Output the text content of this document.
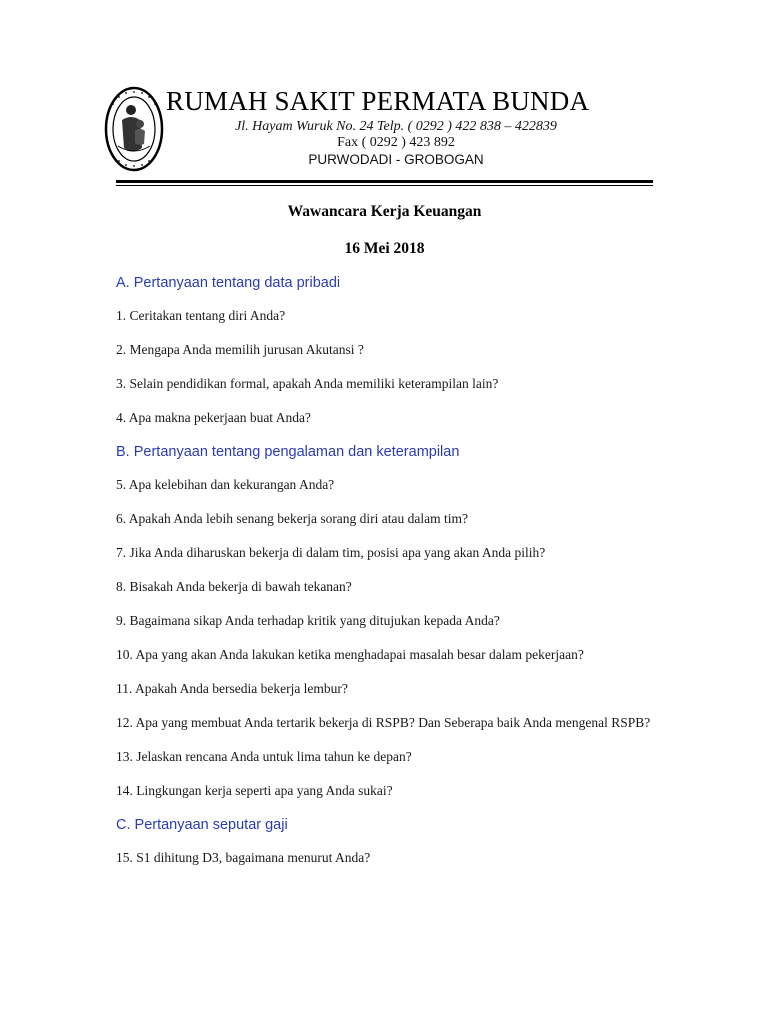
RUMAH SAKIT PERMATA BUNDA
Jl. Hayam Wuruk No. 24 Telp. ( 0292 ) 422 838 – 422839
Fax ( 0292 ) 423 892
PURWODADI - GROBOGAN
Wawancara Kerja Keuangan
16 Mei 2018
A. Pertanyaan tentang data pribadi
1. Ceritakan tentang diri Anda?
2. Mengapa Anda memilih jurusan Akutansi ?
3. Selain pendidikan formal, apakah Anda memiliki keterampilan lain?
4. Apa makna pekerjaan buat Anda?
B. Pertanyaan tentang pengalaman dan keterampilan
5. Apa kelebihan dan kekurangan Anda?
6. Apakah Anda lebih senang bekerja sorang diri atau dalam tim?
7. Jika Anda diharuskan bekerja di dalam tim, posisi apa yang akan Anda pilih?
8. Bisakah Anda bekerja di bawah tekanan?
9. Bagaimana sikap Anda terhadap kritik yang ditujukan kepada Anda?
10. Apa yang akan Anda lakukan ketika menghadapai masalah besar dalam pekerjaan?
11. Apakah Anda bersedia bekerja lembur?
12. Apa yang membuat Anda tertarik bekerja di RSPB? Dan Seberapa baik Anda mengenal RSPB?
13. Jelaskan rencana Anda untuk lima tahun ke depan?
14. Lingkungan kerja seperti apa yang Anda sukai?
C. Pertanyaan seputar gaji
15. S1 dihitung D3, bagaimana menurut Anda?
